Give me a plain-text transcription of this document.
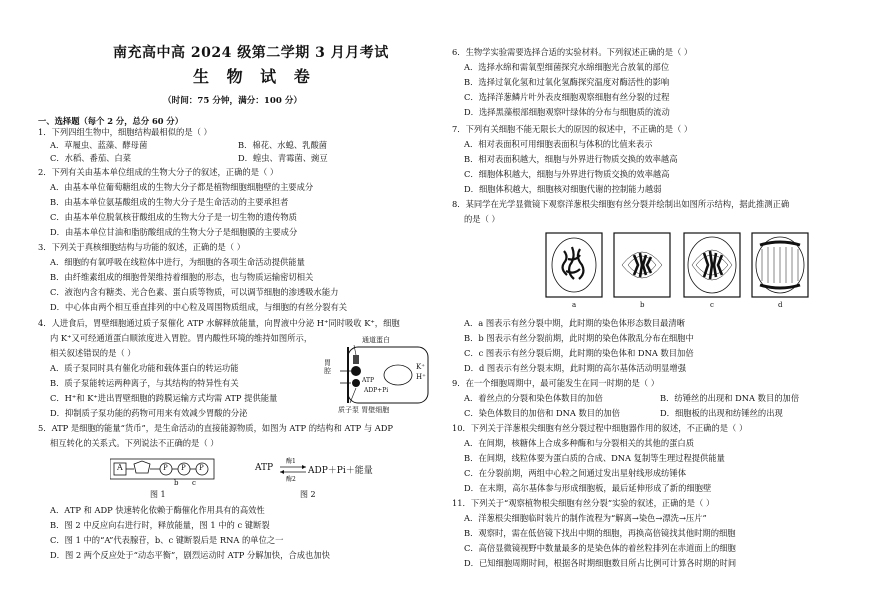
南充高中高 2024 级第二学期 3 月月考试
生 物 试 卷
（时间：75 分钟，满分：100 分）
一、选择题（每个 2 分，总分 60 分）
1．下列四组生物中，细胞结构最相似的是（ ）
A．草履虫、蓝藻、酵母菌	B．棉花、水螅、乳酸菌
C．水稻、番茄、白菜	D．蝗虫、青霉菌、豌豆
2．下列有关由基本单位组成的生物大分子的叙述，正确的是（ ）
A．由基本单位葡萄糖组成的生物大分子都是植物细胞细胞壁的主要成分
B．由基本单位氨基酸组成的生物大分子是生命活动的主要承担者
C．由基本单位脱氧核苷酸组成的生物大分子是一切生物的遗传物质
D．由基本单位甘油和脂肪酸组成的生物大分子是细胞膜的主要成分
3．下列关于真核细胞结构与功能的叙述，正确的是（ ）
A．细胞的有氧呼吸在线粒体中进行，为细胞的各项生命活动提供能量
B．由纤维素组成的细胞骨架维持着细胞的形态，也与物质运输密切相关
C．液泡内含有糖类、光合色素、蛋白质等物质，可以调节细胞的渗透吸水能力
D．中心体由两个相互垂直排列的中心粒及周围物质组成，与细胞的有丝分裂有关
4．人进食后，胃壁细胞通过质子泵催化 ATP 水解释放能量，向胃液中分泌 H⁺同时吸收 K⁺，细胞
内 K⁺又可经通道蛋白顺浓度进入胃腔。胃内酸性环境的维持如图所示，
相关叙述错误的是（ ）
A．质子泵同时具有催化功能和载体蛋白的转运功能
B．质子泵能转运两种离子，与其结构的特异性有关
C．H⁺和 K⁺进出胃壁细胞的跨膜运输方式均需 ATP 提供能量
D．抑制质子泵功能的药物可用来有效减少胃酸的分泌
通道蛋白
胃腔	K⁺
H⁺
ATP
ADP+Pi
质子泵 胃壁细胞
5．ATP 是细胞的能量“货币”，是生命活动的直接能源物质，如图为 ATP 的结构和 ATP 与 ADP
相互转化的关系式。下列说法不正确的是（ ）
A	P P P
b c
图 1
ATP
酶1
酶2
ADP＋Pi＋能量
图 2
A．ATP 和 ADP 快速转化依赖于酶催化作用具有的高效性
B．图 2 中反应向右进行时，释放能量，图 1 中的 c 键断裂
C．图 1 中的“A”代表腺苷，b、c 键断裂后是 RNA 的单位之一
D．图 2 两个反应处于“动态平衡”，剧烈运动时 ATP 分解加快，合成也加快
6．生物学实验需要选择合适的实验材料。下列叙述正确的是（ ）
A．选择水绵和需氧型细菌探究水绵细胞光合放氧的部位
B．选择过氧化氢和过氧化氢酶探究温度对酶活性的影响
C．选择洋葱鳞片叶外表皮细胞观察细胞有丝分裂的过程
D．选择黑藻根部细胞观察叶绿体的分布与细胞质的流动
7．下列有关细胞不能无限长大的原因的叙述中，不正确的是（ ）
A．相对表面积可用细胞表面积与体积的比值来表示
B．相对表面积越大，细胞与外界进行物质交换的效率越高
C．细胞体积越大，细胞与外界进行物质交换的效率越高
D．细胞体积越大，细胞核对细胞代谢的控制能力越弱
8．某同学在光学显微镜下观察洋葱根尖细胞有丝分裂并绘制出如图所示结构，据此推测正确
的是（ ）
a	b	c	d
A．a 图表示有丝分裂中期，此时期的染色体形态数目最清晰
B．b 图表示有丝分裂前期，此时期的染色体散乱分布在细胞中
C．c 图表示有丝分裂后期，此时期的染色体和 DNA 数目加倍
D．d 图表示有丝分裂末期，此时期的高尔基体活动明显增强
9．在一个细胞周期中，最可能发生在同一时期的是（ ）
A．着丝点的分裂和染色体数目的加倍	B．纺锤丝的出现和 DNA 数目的加倍
C．染色体数目的加倍和 DNA 数目的加倍	D．细胞板的出现和纺锤丝的出现
10．下列关于洋葱根尖细胞有丝分裂过程中细胞器作用的叙述，不正确的是（ ）
A．在间期，核糖体上合成多种酶和与分裂相关的其他的蛋白质
B．在间期，线粒体要为蛋白质的合成、DNA 复制等生理过程提供能量
C．在分裂前期，两组中心粒之间通过发出星射线形成纺锤体
D．在末期，高尔基体参与形成细胞板，最后延伸形成了新的细胞壁
11．下列关于“观察植物根尖细胞有丝分裂”实验的叙述，正确的是（ ）
A．洋葱根尖细胞临时装片的制作流程为“解离→染色→漂洗→压片”
B．观察时，需在低倍镜下找出中期的细胞，再换高倍镜找其他时期的细胞
C．高倍显微镜视野中数量最多的是染色体的着丝粒排列在赤道面上的细胞
D．已知细胞周期时间，根据各时期细胞数目所占比例可计算各时期的时间
